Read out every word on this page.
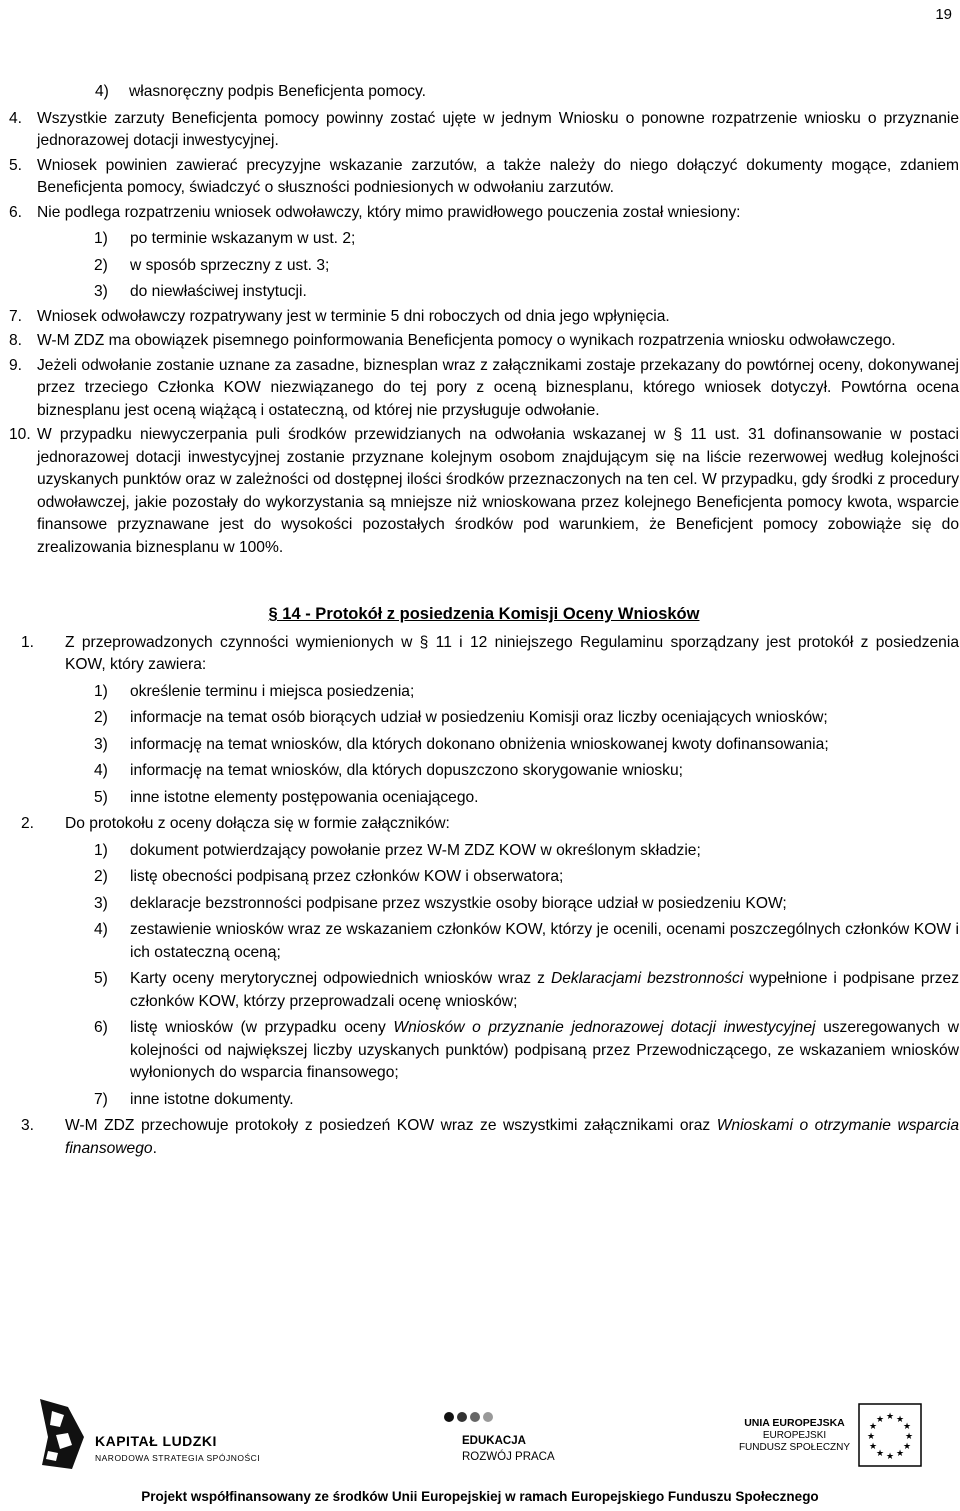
19
4) własnoręczny podpis Beneficjenta pomocy.
4. Wszystkie zarzuty Beneficjenta pomocy powinny zostać ujęte w jednym Wniosku o ponowne rozpatrzenie wniosku o przyznanie jednorazowej dotacji inwestycyjnej.
5. Wniosek powinien zawierać precyzyjne wskazanie zarzutów, a także należy do niego dołączyć dokumenty mogące, zdaniem Beneficjenta pomocy, świadczyć o słuszności podniesionych w odwołaniu zarzutów.
6. Nie podlega rozpatrzeniu wniosek odwoławczy, który mimo prawidłowego pouczenia został wniesiony:
1) po terminie wskazanym w ust. 2;
2) w sposób sprzeczny z ust. 3;
3) do niewłaściwej instytucji.
7. Wniosek odwoławczy rozpatrywany jest w terminie 5 dni roboczych od dnia jego wpłynięcia.
8. W-M ZDZ ma obowiązek pisemnego poinformowania Beneficjenta pomocy o wynikach rozpatrzenia wniosku odwoławczego.
9. Jeżeli odwołanie zostanie uznane za zasadne, biznesplan wraz z załącznikami zostaje przekazany do powtórnej oceny, dokonywanej przez trzeciego Członka KOW niezwiązanego do tej pory z oceną biznesplanu, którego wniosek dotyczył. Powtórna ocena biznesplanu jest oceną wiążącą i ostateczną, od której nie przysługuje odwołanie.
10. W przypadku niewyczerpania puli środków przewidzianych na odwołania wskazanej w § 11 ust. 31 dofinansowanie w postaci jednorazowej dotacji inwestycyjnej zostanie przyznane kolejnym osobom znajdującym się na liście rezerwowej według kolejności uzyskanych punktów oraz w zależności od dostępnej ilości środków przeznaczonych na ten cel. W przypadku, gdy środki z procedury odwoławczej, jakie pozostały do wykorzystania są mniejsze niż wnioskowana przez kolejnego Beneficjenta pomocy kwota, wsparcie finansowe przyznawane jest do wysokości pozostałych środków pod warunkiem, że Beneficjent pomocy zobowiąże się do zrealizowania biznesplanu w 100%.
§ 14 - Protokół z posiedzenia Komisji Oceny Wniosków
1. Z przeprowadzonych czynności wymienionych w § 11 i 12 niniejszego Regulaminu sporządzany jest protokół z posiedzenia KOW, który zawiera:
1) określenie terminu i miejsca posiedzenia;
2) informacje na temat osób biorących udział w posiedzeniu Komisji oraz liczby oceniających wniosków;
3) informację na temat wniosków, dla których dokonano obniżenia wnioskowanej kwoty dofinansowania;
4) informację na temat wniosków, dla których dopuszczono skorygowanie wniosku;
5) inne istotne elementy postępowania oceniającego.
2. Do protokołu z oceny dołącza się w formie załączników:
1) dokument potwierdzający powołanie przez W-M ZDZ KOW w określonym składzie;
2) listę obecności podpisaną przez członków KOW i obserwatora;
3) deklaracje bezstronności podpisane przez wszystkie osoby biorące udział w posiedzeniu KOW;
4) zestawienie wniosków wraz ze wskazaniem członków KOW, którzy je ocenili, ocenami poszczególnych członków KOW i ich ostateczną oceną;
5) Karty oceny merytorycznej odpowiednich wniosków wraz z Deklaracjami bezstronności wypełnione i podpisane przez członków KOW, którzy przeprowadzali ocenę wniosków;
6) listę wniosków (w przypadku oceny Wniosków o przyznanie jednorazowej dotacji inwestycyjnej uszeregowanych w kolejności od największej liczby uzyskanych punktów) podpisaną przez Przewodniczącego, ze wskazaniem wniosków wyłonionych do wsparcia finansowego;
7) inne istotne dokumenty.
3. W-M ZDZ przechowuje protokoły z posiedzeń KOW wraz ze wszystkimi załącznikami oraz Wnioskami o otrzymanie wsparcia finansowego.
KAPITAŁ LUDZKI
NARODOWA STRATEGIA SPÓJNOŚCI
EDUKACJA
ROZWÓJ PRACA
UNIA EUROPEJSKA
EUROPEJSKI
FUNDUSZ SPOŁECZNY
★ ★
★
★
★
★
★
★
★
★
★
★
Projekt współfinansowany ze środków Unii Europejskiej w ramach Europejskiego Funduszu Społecznego
